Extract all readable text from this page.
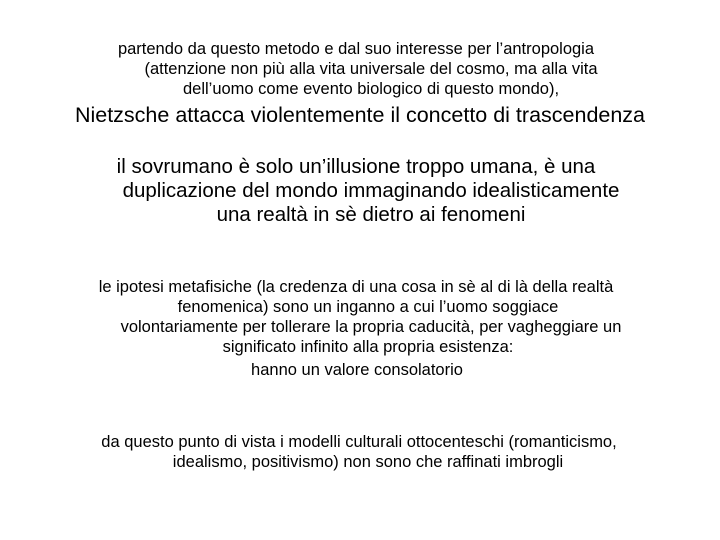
partendo da questo metodo e dal suo interesse per l’antropologia
(attenzione non più alla vita universale del cosmo, ma alla vita
dell’uomo come evento biologico di questo mondo),
Nietzsche attacca violentemente il concetto di trascendenza
il sovrumano è solo un’illusione troppo umana, è una
duplicazione del mondo immaginando idealisticamente
una realtà in sè dietro ai fenomeni
le ipotesi metafisiche (la credenza di una cosa in sè al di là della realtà
fenomenica) sono un inganno a cui l’uomo soggiace
volontariamente per tollerare la propria caducità, per vagheggiare un
significato infinito alla propria esistenza:
hanno un valore consolatorio
da questo punto di vista i modelli culturali ottocenteschi (romanticismo,
idealismo, positivismo) non sono che raffinati imbrogli
